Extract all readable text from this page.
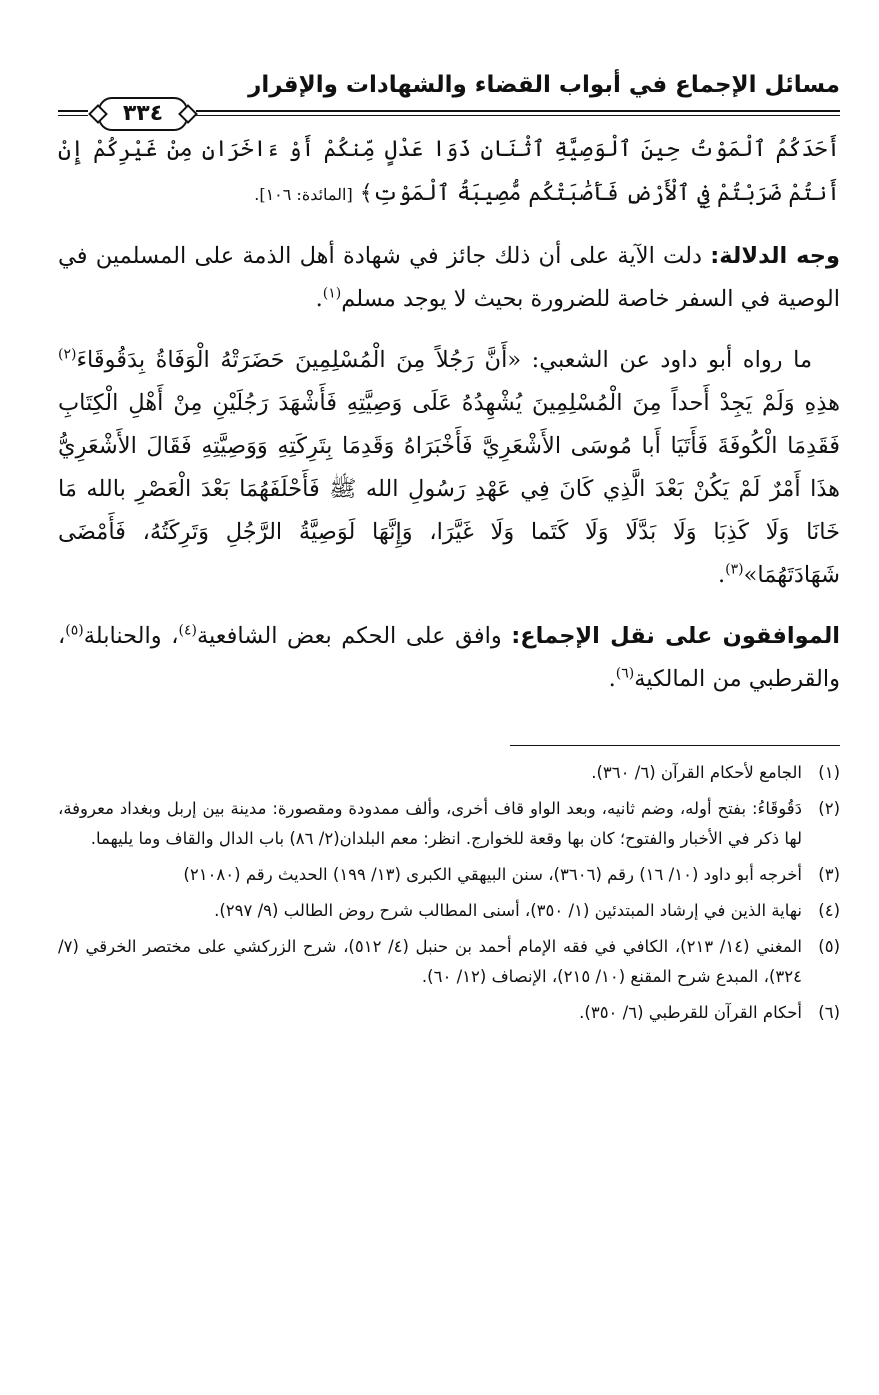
مسائل الإجماع في أبواب القضاء والشهادات والإقرار
٣٣٤

أَحَدَكُمُ ٱلْمَوْتُ حِينَ ٱلْوَصِيَّةِ ٱثْنَانِ ذَوَا عَدْلٍ مِّنكُمْ أَوْ ءَاخَرَانِ مِنْ غَيْرِكُمْ إِنْ أَنتُمْ ضَرَبْتُمْ فِي ٱلْأَرْضِ فَأَصَٰبَتْكُم مُّصِيبَةُ ٱلْمَوْتِ﴾ [المائدة: ١٠٦].

وجه الدلالة: دلت الآية على أن ذلك جائز في شهادة أهل الذمة على المسلمين في الوصية في السفر خاصة للضرورة بحيث لا يوجد مسلم$^{(١)}$.

ما رواه أبو داود عن الشعبي: «أَنَّ رَجُلاً مِنَ الْمُسْلِمِينَ حَضَرَتْهُ الْوَفَاةُ بِدَقُوقَاءَ$^{(٢)}$ هذِهِ وَلَمْ يَجِدْ أَحداً مِنَ الْمُسْلِمِينَ يُشْهِدُهُ عَلَى وَصِيَّتِهِ فَأَشْهَدَ رَجُلَيْنِ مِنْ أَهْلِ الْكِتَابِ فَقَدِمَا الْكُوفَةَ فَأَتَيَا أَبا مُوسَى الأَشْعَرِيَّ فَأَخْبَرَاهُ وَقَدِمَا بِتَرِكَتِهِ وَوَصِيَّتِهِ فَقَالَ الأَشْعَرِيُّ هذَا أَمْرٌ لَمْ يَكُنْ بَعْدَ الَّذِي كَانَ فِي عَهْدِ رَسُولِ الله ﷺ فَأَحْلَفَهُمَا بَعْدَ الْعَصْرِ بالله مَا خَانَا وَلَا كَذِبَا وَلَا بَدَّلَا وَلَا كَتَما وَلَا غَيَّرَا، وَإِنَّهَا لَوَصِيَّةُ الرَّجُلِ وَتَرِكَتُهُ، فَأَمْضَى شَهَادَتَهُمَا»$^{(٣)}$.

الموافقون على نقل الإجماع: وافق على الحكم بعض الشافعية$^{(٤)}$، والحنابلة$^{(٥)}$، والقرطبي من المالكية$^{(٦)}$.

(١)
الجامع لأحكام القرآن (٦/ ٣٦٠).
(٢)
دَقُوقَاءُ: بفتح أوله، وضم ثانيه، وبعد الواو قاف أخرى، وألف ممدودة ومقصورة: مدينة بين إربل وبغداد معروفة، لها ذكر في الأخبار والفتوح؛ كان بها وقعة للخوارج. انظر: معم البلدان(٢/ ٨٦) باب الدال والقاف وما يليهما.
(٣)
أخرجه أبو داود (١٠/ ١٦) رقم (٣٦٠٦)، سنن البيهقي الكبرى (١٣/ ١٩٩) الحديث رقم (٢١٠٨٠)
(٤)
نهاية الذين في إرشاد المبتدئين (١/ ٣٥٠)، أسنى المطالب شرح روض الطالب (٩/ ٢٩٧).
(٥)
المغني (١٤/ ٢١٣)، الكافي في فقه الإمام أحمد بن حنبل (٤/ ٥١٢)، شرح الزركشي على مختصر الخرقي (٧/ ٣٢٤)، المبدع شرح المقنع (١٠/ ٢١٥)، الإنصاف (١٢/ ٦٠).
(٦)
أحكام القرآن للقرطبي (٦/ ٣٥٠).
